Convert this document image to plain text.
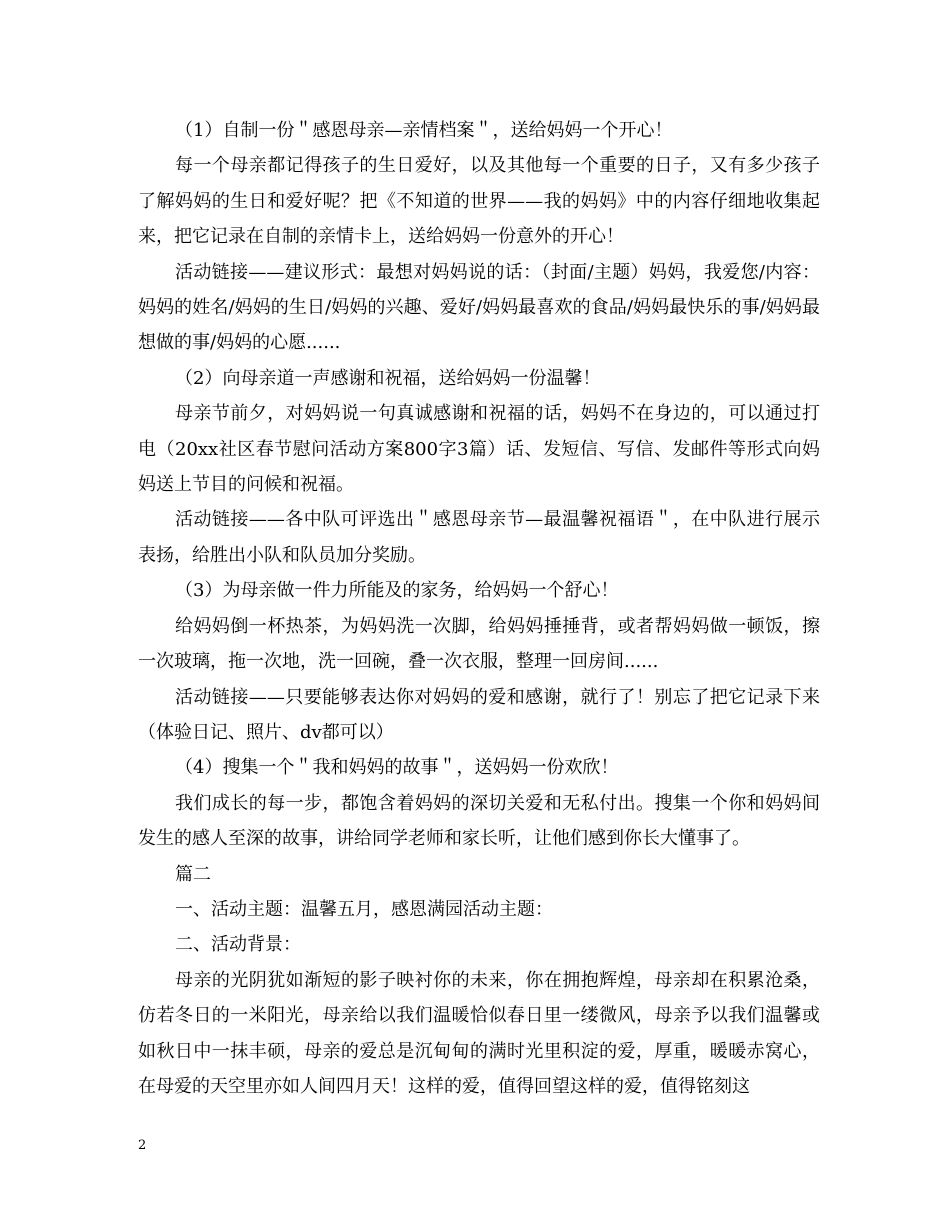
（1）自制一份＂感恩母亲—亲情档案＂，送给妈妈一个开心！

每一个母亲都记得孩子的生日爱好，以及其他每一个重要的日子，又有多少孩子了解妈妈的生日和爱好呢？把《不知道的世界——我的妈妈》中的内容仔细地收集起来，把它记录在自制的亲情卡上，送给妈妈一份意外的开心！

活动链接——建议形式：最想对妈妈说的话：（封面/主题）妈妈，我爱您/内容：妈妈的姓名/妈妈的生日/妈妈的兴趣、爱好/妈妈最喜欢的食品/妈妈最快乐的事/妈妈最想做的事/妈妈的心愿......

（2）向母亲道一声感谢和祝福，送给妈妈一份温馨！

母亲节前夕，对妈妈说一句真诚感谢和祝福的话，妈妈不在身边的，可以通过打电（20xx社区春节慰问活动方案800字3篇）话、发短信、写信、发邮件等形式向妈妈送上节目的问候和祝福。

活动链接——各中队可评选出＂感恩母亲节—最温馨祝福语＂，在中队进行展示表扬，给胜出小队和队员加分奖励。

（3）为母亲做一件力所能及的家务，给妈妈一个舒心！

给妈妈倒一杯热茶，为妈妈洗一次脚，给妈妈捶捶背，或者帮妈妈做一顿饭，擦一次玻璃，拖一次地，洗一回碗，叠一次衣服，整理一回房间......

活动链接——只要能够表达你对妈妈的爱和感谢，就行了！别忘了把它记录下来（体验日记、照片、dv都可以）

（4）搜集一个＂我和妈妈的故事＂，送妈妈一份欢欣！

我们成长的每一步，都饱含着妈妈的深切关爱和无私付出。搜集一个你和妈妈间发生的感人至深的故事，讲给同学老师和家长听，让他们感到你长大懂事了。

篇二

一、活动主题：温馨五月，感恩满园活动主题：

二、活动背景：

母亲的光阴犹如渐短的影子映衬你的未来，你在拥抱辉煌，母亲却在积累沧桑，仿若冬日的一米阳光，母亲给以我们温暖恰似春日里一缕微风，母亲予以我们温馨或如秋日中一抹丰硕，母亲的爱总是沉甸甸的满时光里积淀的爱，厚重，暖暖赤窝心，在母爱的天空里亦如人间四月天！这样的爱，值得回望这样的爱，值得铭刻这

2
